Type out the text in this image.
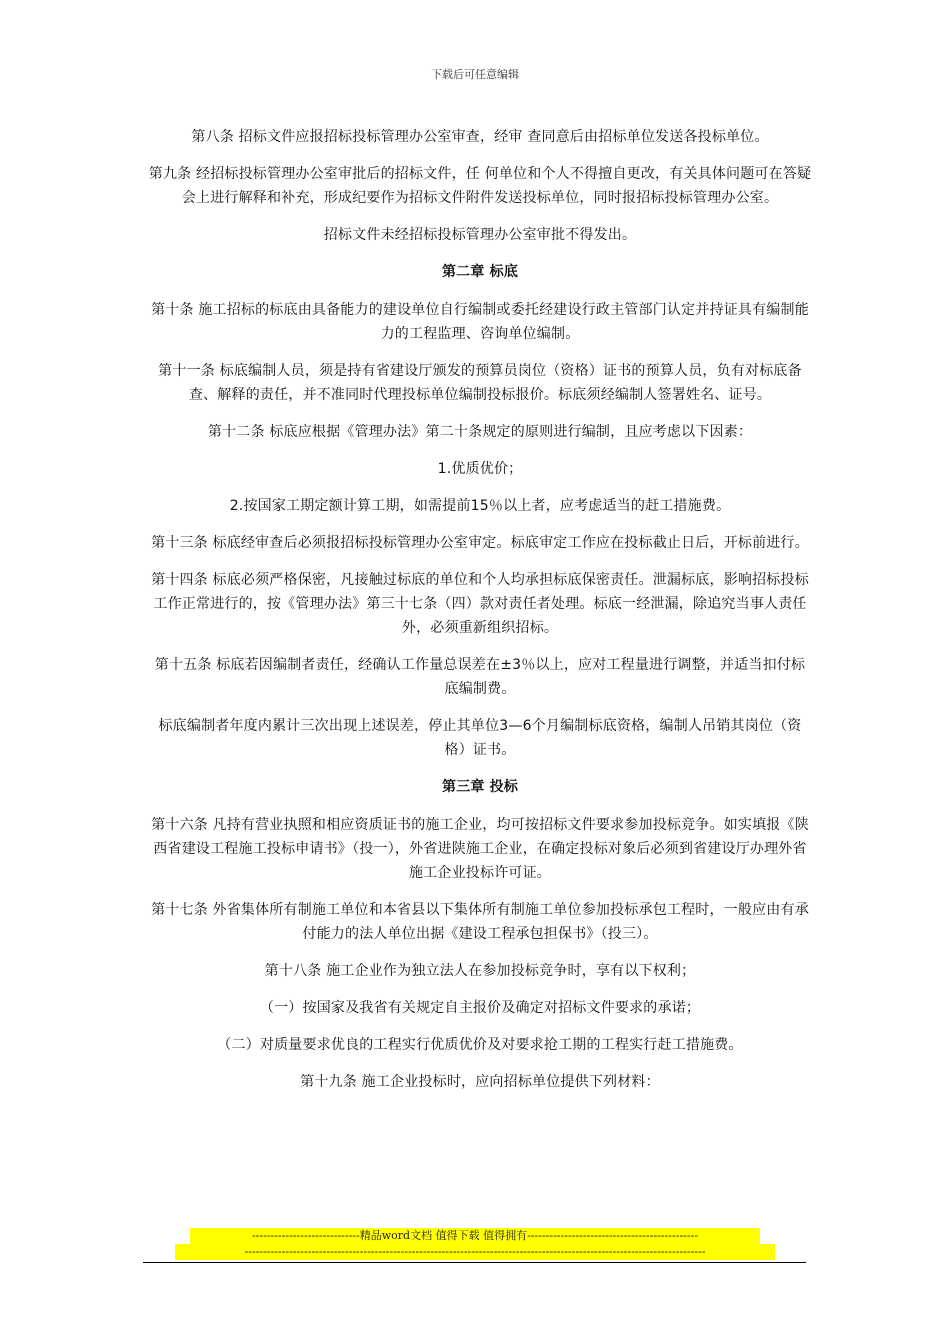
下载后可任意编辑

第八条 招标文件应报招标投标管理办公室审查，经审 查同意后由招标单位发送各投标单位。

第九条 经招标投标管理办公室审批后的招标文件，任 何单位和个人不得擅自更改，有关具体问题可在答疑会上进行解释和补充，形成纪要作为招标文件附件发送投标单位，同时报招标投标管理办公室。

招标文件未经招标投标管理办公室审批不得发出。

第二章 标底

第十条 施工招标的标底由具备能力的建设单位自行编制或委托经建设行政主管部门认定并持证具有编制能力的工程监理、咨询单位编制。

第十一条 标底编制人员，须是持有省建设厅颁发的预算员岗位（资格）证书的预算人员，负有对标底备查、解释的责任，并不准同时代理投标单位编制投标报价。标底须经编制人签署姓名、证号。

第十二条 标底应根据《管理办法》第二十条规定的原则进行编制，且应考虑以下因素：

1.优质优价；

2.按国家工期定额计算工期，如需提前15％以上者，应考虑适当的赶工措施费。

第十三条 标底经审查后必须报招标投标管理办公室审定。标底审定工作应在投标截止日后，开标前进行。

第十四条 标底必须严格保密，凡接触过标底的单位和个人均承担标底保密责任。泄漏标底，影响招标投标工作正常进行的，按《管理办法》第三十七条（四）款对责任者处理。标底一经泄漏，除追究当事人责任外，必须重新组织招标。

第十五条 标底若因编制者责任，经确认工作量总误差在±3％以上，应对工程量进行调整，并适当扣付标底编制费。

标底编制者年度内累计三次出现上述误差，停止其单位3—6个月编制标底资格，编制人吊销其岗位（资格）证书。

第三章 投标

第十六条 凡持有营业执照和相应资质证书的施工企业，均可按招标文件要求参加投标竞争。如实填报《陕西省建设工程施工投标申请书》（投一），外省进陕施工企业，在确定投标对象后必须到省建设厅办理外省施工企业投标许可证。

第十七条 外省集体所有制施工单位和本省县以下集体所有制施工单位参加投标承包工程时，一般应由有承付能力的法人单位出据《建设工程承包担保书》（投三）。

第十八条 施工企业作为独立法人在参加投标竞争时，享有以下权利；

（一）按国家及我省有关规定自主报价及确定对招标文件要求的承诺；

（二）对质量要求优良的工程实行优质优价及对要求抢工期的工程实行赶工措施费。

第十九条 施工企业投标时，应向招标单位提供下列材料：

-----------------------------精品word文档 值得下载 值得拥有----------------------------------------------
----------------------------------------------------------------------------------------------------------------------------
